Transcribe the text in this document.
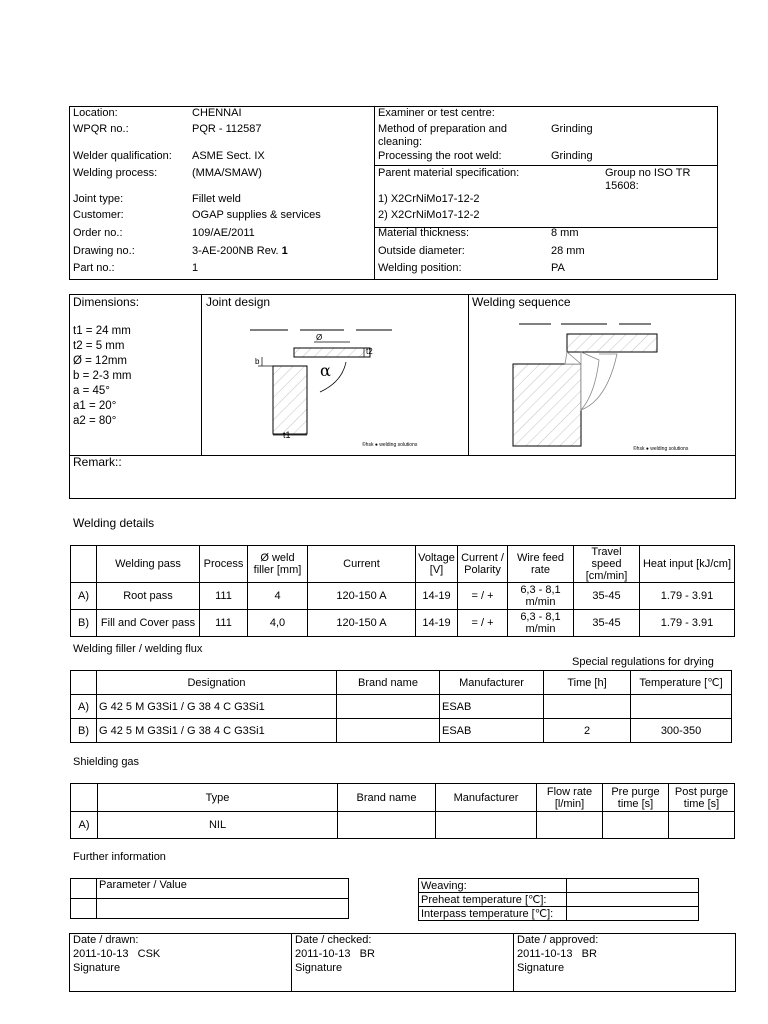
Location:	CHENNAI
WPQR no.:	PQR - 112587
Welder qualification: ASME Sect. IX
Welding process:	(MMA/SMAW)
Joint type:	Fillet weld
Customer:	OGAP supplies & services
Order no.:	109/AE/2011
Drawing no.:	3-AE-200NB Rev. 1
Part no.:	1
Examiner or test centre:
Method of preparation and cleaning:
Grinding
Processing the root weld:	Grinding
Parent material specification:	Group no ISO TR 15608:
1) X2CrNiMo17-12-2
2) X2CrNiMo17-12-2
Material thickness:	8 mm
Outside diameter:	28 mm
Welding position:	PA
Dimensions:
t1 = 24 mm
t2 = 5 mm
Ø = 12mm
b = 2-3 mm
a = 45°
a1 = 20°
a2 = 80°
Joint design	Welding sequence
α
t1
t2
b
Ø
©hsk ● welding solutions
©hsk ● welding solutions
Remark::
Welding details
	Welding pass	Process	Ø weld filler [mm]	Current	Voltage [V]	Current / Polarity	Wire feed rate	Travel speed [cm/min]	Heat input [kJ/cm]
A)	Root pass	111	4	120-150 A	14-19	= / +	6,3 - 8,1 m/min	35-45	1.79 - 3.91
B)	Fill and Cover pass	111	4,0	120-150 A	14-19	= / +	6,3 - 8,1 m/min	35-45	1.79 - 3.91
Welding filler / welding flux
Special regulations for drying
	Designation	Brand name	Manufacturer	Time [h]	Temperature [℃]
A)	G 42 5 M G3Si1 / G 38 4 C G3Si1		ESAB		
B)	G 42 5 M G3Si1 / G 38 4 C G3Si1		ESAB	2	300-350
Shielding gas
	Type	Brand name	Manufacturer	Flow rate [l/min]	Pre purge time [s]	Post purge time [s]
A)	NIL					
Further information
	Parameter / Value
		Weaving:	
Preheat temperature [℃]:	
Interpass temperature [℃]:	
Date / drawn:
2011-10-13   CSK
Signature
Date / checked:
2011-10-13   BR
Signature
Date / approved:
2011-10-13   BR
Signature
